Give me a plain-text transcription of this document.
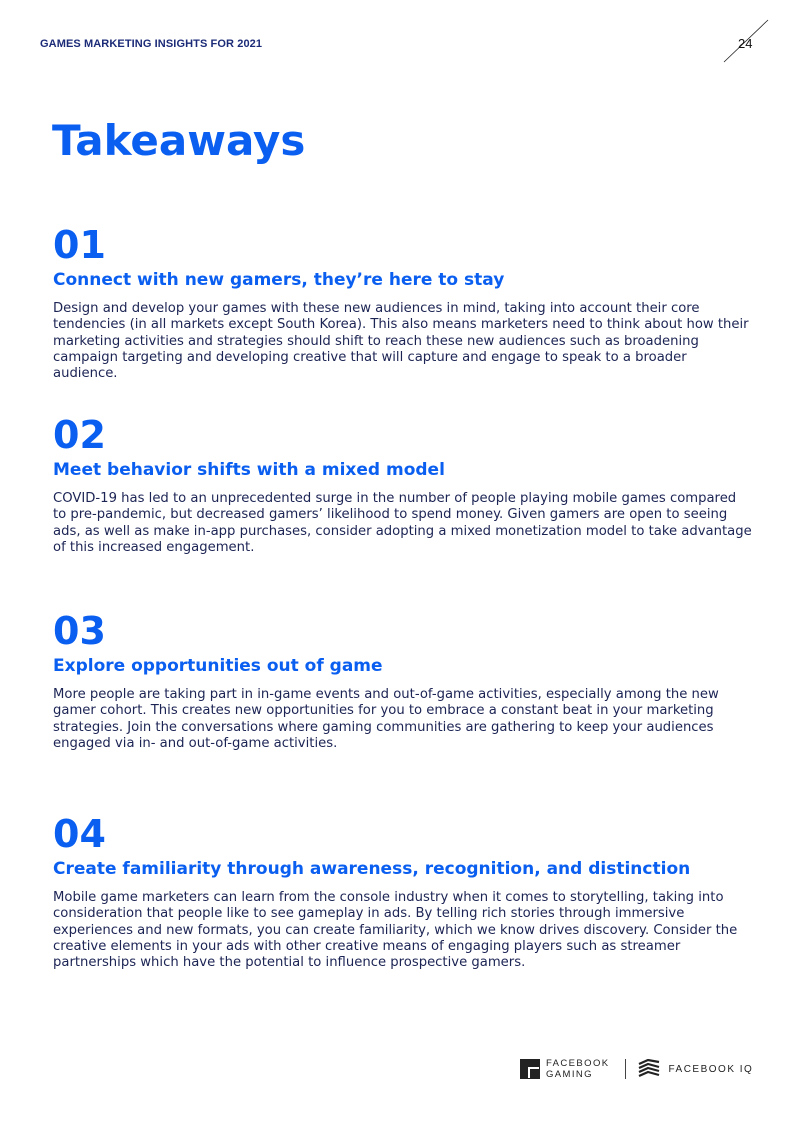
GAMES MARKETING INSIGHTS FOR 2021	24
Takeaways
01
Connect with new gamers, they’re here to stay
Design and develop your games with these new audiences in mind, taking into account their core tendencies (in all markets except South Korea). This also means marketers need to think about how their marketing activities and strategies should shift to reach these new audiences such as broadening campaign targeting and developing creative that will capture and engage to speak to a broader audience.
02
Meet behavior shifts with a mixed model
COVID-19 has led to an unprecedented surge in the number of people playing mobile games compared to pre-pandemic, but decreased gamers’ likelihood to spend money. Given gamers are open to seeing ads, as well as make in-app purchases, consider adopting a mixed monetization model to take advantage of this increased engagement.
03
Explore opportunities out of game
More people are taking part in in-game events and out-of-game activities, especially among the new gamer cohort. This creates new opportunities for you to embrace a constant beat in your marketing strategies. Join the conversations where gaming communities are gathering to keep your audiences engaged via in- and out-of-game activities.
04
Create familiarity through awareness, recognition, and distinction
Mobile game marketers can learn from the console industry when it comes to storytelling, taking into consideration that people like to see gameplay in ads. By telling rich stories through immersive experiences and new formats, you can create familiarity, which we know drives discovery. Consider the creative elements in your ads with other creative means of engaging players such as streamer partnerships which have the potential to influence prospective gamers.
FACEBOOK
GAMING	FACEBOOK IQ
